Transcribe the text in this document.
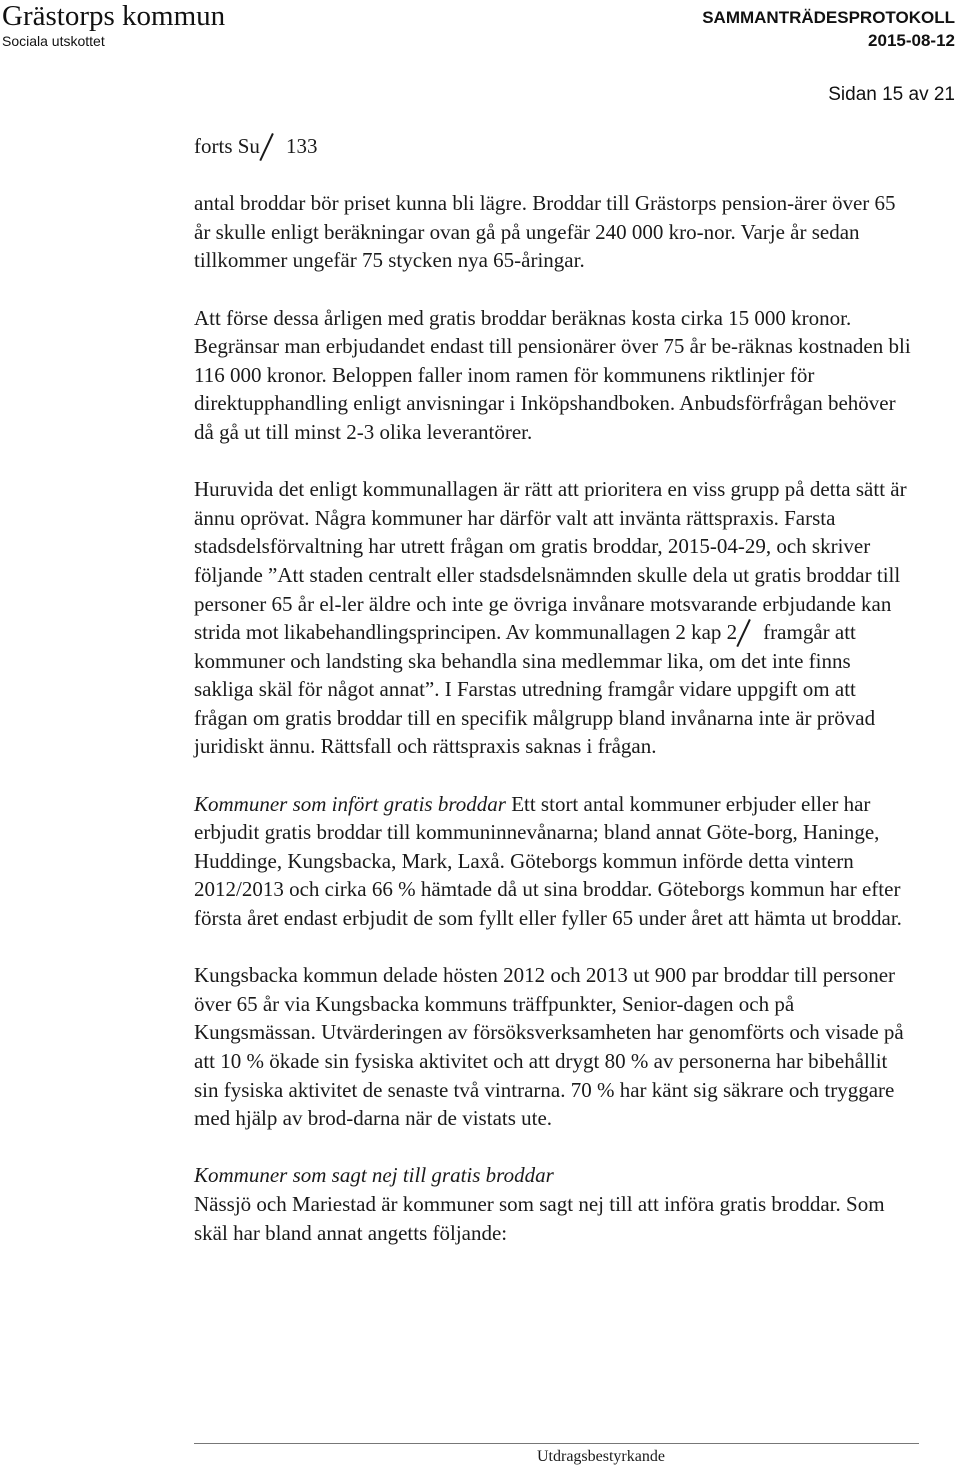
Grästorps kommun
Sociala utskottet
SAMMANTRÄDESPROTOKOLL
2015-08-12
Sidan 15 av 21

forts Su 133

antal broddar bör priset kunna bli lägre. Broddar till Grästorps pension-ärer över 65 år skulle enligt beräkningar ovan gå på ungefär 240 000 kro-nor. Varje år sedan tillkommer ungefär 75 stycken nya 65-åringar.

Att förse dessa årligen med gratis broddar beräknas kosta cirka 15 000 kronor. Begränsar man erbjudandet endast till pensionärer över 75 år be-räknas kostnaden bli 116 000 kronor. Beloppen faller inom ramen för kommunens riktlinjer för direktupphandling enligt anvisningar i Inköpshandboken. Anbudsförfrågan behöver då gå ut till minst 2-3 olika leverantörer.

Huruvida det enligt kommunallagen är rätt att prioritera en viss grupp på detta sätt är ännu oprövat. Några kommuner har därför valt att invänta rättspraxis. Farsta stadsdelsförvaltning har utrett frågan om gratis broddar, 2015-04-29, och skriver följande ”Att staden centralt eller stadsdelsnämnden skulle dela ut gratis broddar till personer 65 år el-ler äldre och inte ge övriga invånare motsvarande erbjudande kan strida mot likabehandlingsprincipen. Av kommunallagen 2 kap 2 framgår att kommuner och landsting ska behandla sina medlemmar lika, om det inte finns sakliga skäl för något annat”. I Farstas utredning framgår vidare uppgift om att frågan om gratis broddar till en specifik målgrupp bland invånarna inte är prövad juridiskt ännu. Rättsfall och rättspraxis saknas i frågan.

Kommuner som infört gratis broddar Ett stort antal kommuner erbjuder eller har erbjudit gratis broddar till kommuninnevånarna; bland annat Göte-borg, Haninge, Huddinge, Kungsbacka, Mark, Laxå. Göteborgs kommun införde detta vintern 2012/2013 och cirka 66 % hämtade då ut sina broddar. Göteborgs kommun har efter första året endast erbjudit de som fyllt eller fyller 65 under året att hämta ut broddar.

Kungsbacka kommun delade hösten 2012 och 2013 ut 900 par broddar till personer över 65 år via Kungsbacka kommuns träffpunkter, Senior-dagen och på Kungsmässan. Utvärderingen av försöksverksamheten har genomförts och visade på att 10 % ökade sin fysiska aktivitet och att drygt 80 % av personerna har bibehållit sin fysiska aktivitet de senaste två vintrarna. 70 % har känt sig säkrare och tryggare med hjälp av brod-darna när de vistats ute.

Kommuner som sagt nej till gratis broddar

Nässjö och Mariestad är kommuner som sagt nej till att införa gratis broddar. Som skäl har bland annat angetts följande:

Utdragsbestyrkande
